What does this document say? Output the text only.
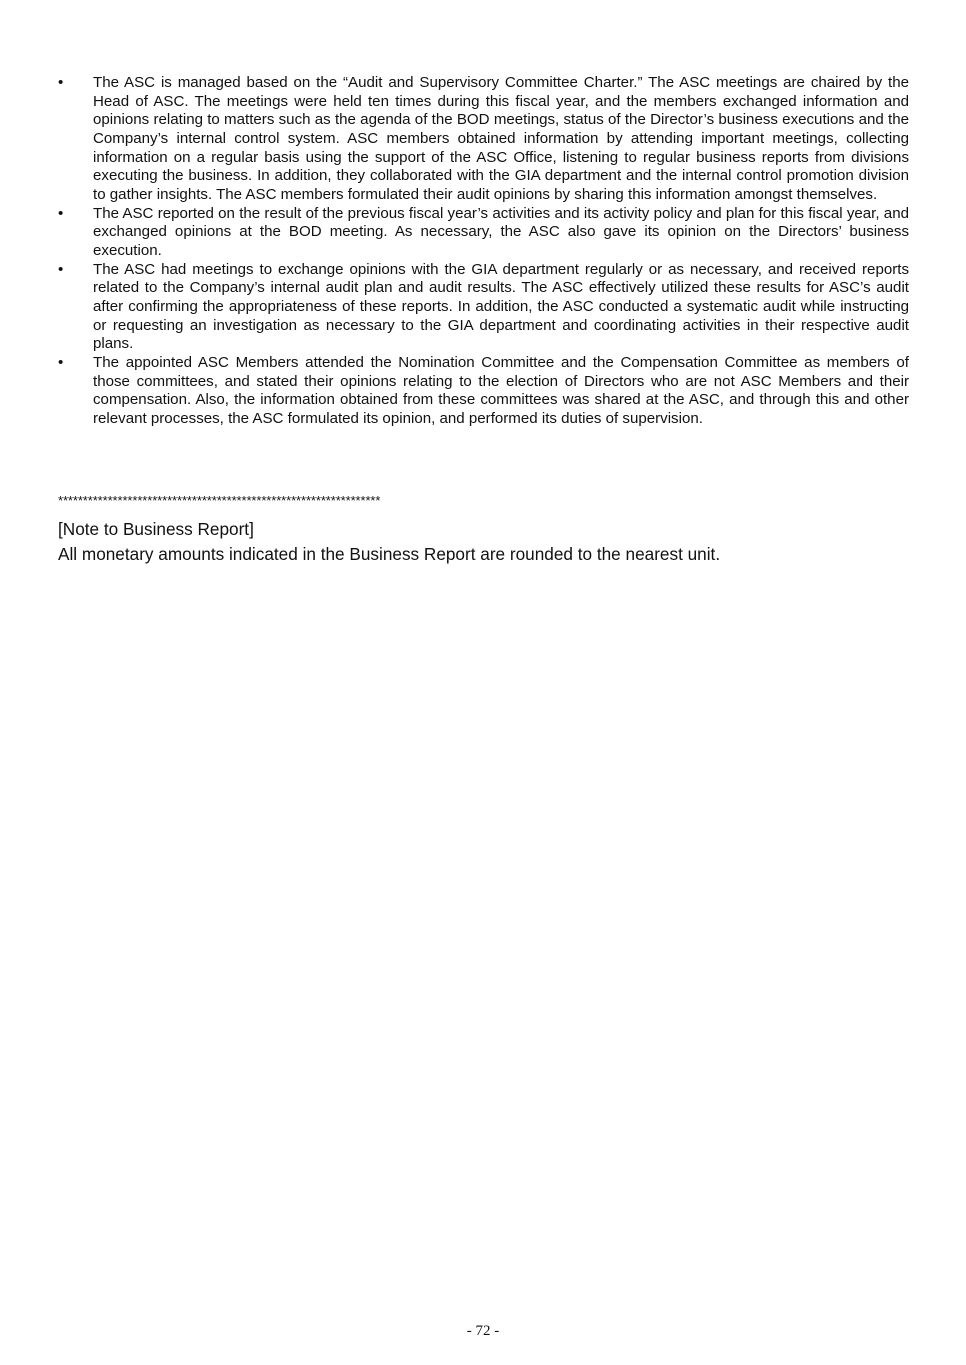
•	The ASC is managed based on the “Audit and Supervisory Committee Charter.” The ASC meetings are chaired by the Head of ASC. The meetings were held ten times during this fiscal year, and the members exchanged information and opinions relating to matters such as the agenda of the BOD meetings, status of the Director’s business executions and the Company’s internal control system. ASC members obtained information by attending important meetings, collecting information on a regular basis using the support of the ASC Office, listening to regular business reports from divisions executing the business. In addition, they collaborated with the GIA department and the internal control promotion division to gather insights. The ASC members formulated their audit opinions by sharing this information amongst themselves.
•	The ASC reported on the result of the previous fiscal year’s activities and its activity policy and plan for this fiscal year, and exchanged opinions at the BOD meeting. As necessary, the ASC also gave its opinion on the Directors’ business execution.
•	The ASC had meetings to exchange opinions with the GIA department regularly or as necessary, and received reports related to the Company’s internal audit plan and audit results. The ASC effectively utilized these results for ASC’s audit after confirming the appropriateness of these reports. In addition, the ASC conducted a systematic audit while instructing or requesting an investigation as necessary to the GIA department and coordinating activities in their respective audit plans.
•	The appointed ASC Members attended the Nomination Committee and the Compensation Committee as members of those committees, and stated their opinions relating to the election of Directors who are not ASC Members and their compensation. Also, the information obtained from these committees was shared at the ASC, and through this and other relevant processes, the ASC formulated its opinion, and performed its duties of supervision.
*****************************************************************
[Note to Business Report]
All monetary amounts indicated in the Business Report are rounded to the nearest unit.
- 72 -
